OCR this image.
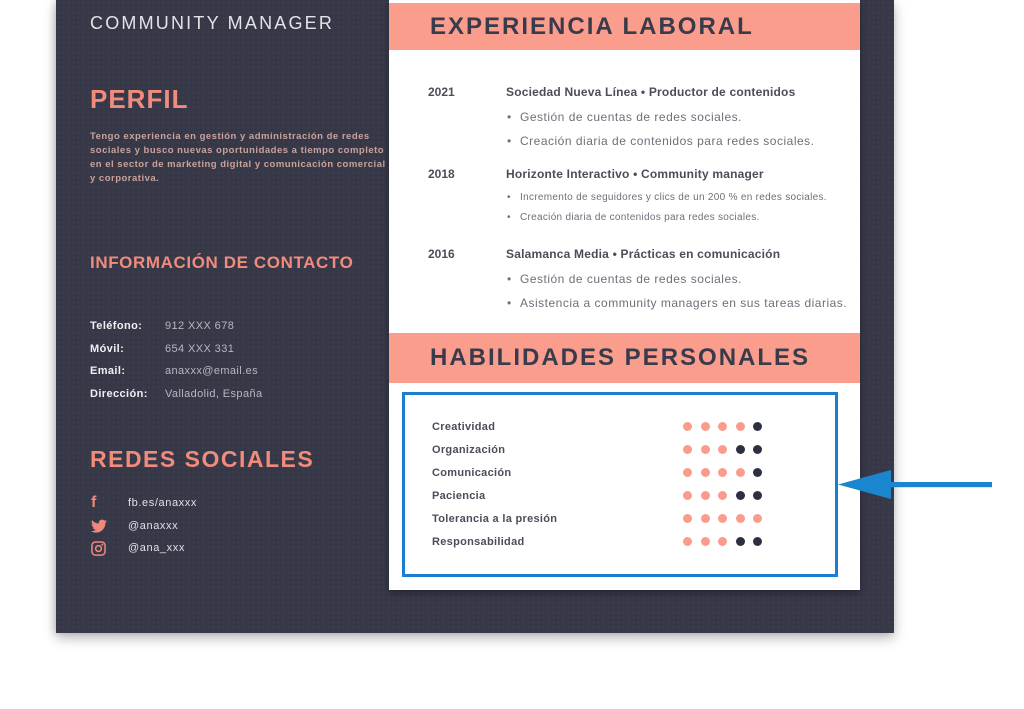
COMMUNITY MANAGER
PERFIL

Tengo experiencia en gestión y administración de redes sociales y busco nuevas oportunidades a tiempo completo en el sector de marketing digital y comunicación comercial y corporativa.

INFORMACIÓN DE CONTACTO
Teléfono:	912 XXX 678
Móvil:	654 XXX 331
Email:	anaxxx@email.es
Dirección:	Valladolid, España
REDES SOCIALES
f	fb.es/anaxxx
@anaxxx
@ana_xxx
EXPERIENCIA LABORAL
2021	Sociedad Nueva Línea • Productor de contenidos
• Gestión de cuentas de redes sociales.
• Creación diaria de contenidos para redes sociales.
2018	Horizonte Interactivo • Community manager
• Incremento de seguidores y clics de un 200 % en redes sociales.
• Creación diaria de contenidos para redes sociales.
2016	Salamanca Media • Prácticas en comunicación
• Gestión de cuentas de redes sociales.
• Asistencia a community managers en sus tareas diarias.
HABILIDADES PERSONALES
Creatividad
Organización
Comunicación
Paciencia
Tolerancia a la presión
Responsabilidad
